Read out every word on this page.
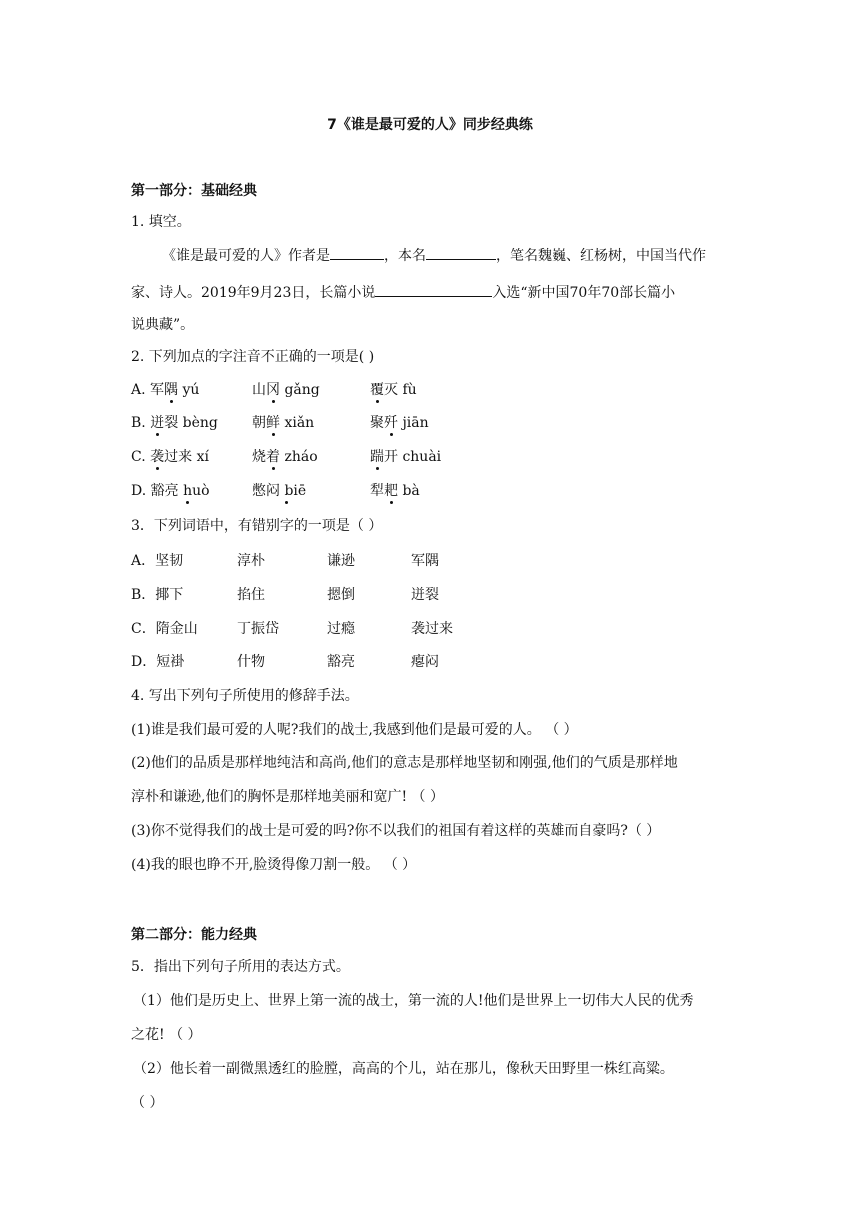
7《谁是最可爱的人》同步经典练
第一部分：基础经典
1. 填空。
《谁是最可爱的人》作者是	，本名	，笔名魏巍、红杨树，中国当代作
家、诗人。2019年9月23日，长篇小说	入选“新中国70年70部长篇小
说典藏”。
2. 下列加点的字注音不正确的一项是( )
A. 军隅 yú	山冈 gǎng	覆灭 fù
B. 迸裂 bèng 朝鲜 xiǎn	聚歼 jiān
C. 袭过来 xí	烧着 zháo	踹开 chuài
D. 豁亮 huò	憋闷 biē	犁耙 bà
3．下列词语中，有错别字的一项是（ ）
A．坚韧	淳朴	谦逊	军隅
B．揶下	掐住	摁倒	迸裂
C．隋金山	丁振岱	过瘾	袭过来
D．短褂	什物	豁亮	瘪闷
4. 写出下列句子所使用的修辞手法。
(1)谁是我们最可爱的人呢?我们的战士,我感到他们是最可爱的人。 （ ）
(2)他们的品质是那样地纯洁和高尚,他们的意志是那样地坚韧和刚强,他们的气质是那样地
淳朴和谦逊,他们的胸怀是那样地美丽和宽广! （ ）
(3)你不觉得我们的战士是可爱的吗?你不以我们的祖国有着这样的英雄而自豪吗?（ ）
(4)我的眼也睁不开,脸烫得像刀割一般。 （ ）
第二部分：能力经典
5．指出下列句子所用的表达方式。
（1）他们是历史上、世界上第一流的战士，第一流的人!他们是世界上一切伟大人民的优秀
之花! （ ）
（2）他长着一副微黑透红的脸膛，高高的个儿，站在那儿，像秋天田野里一株红高粱。
（ ）
